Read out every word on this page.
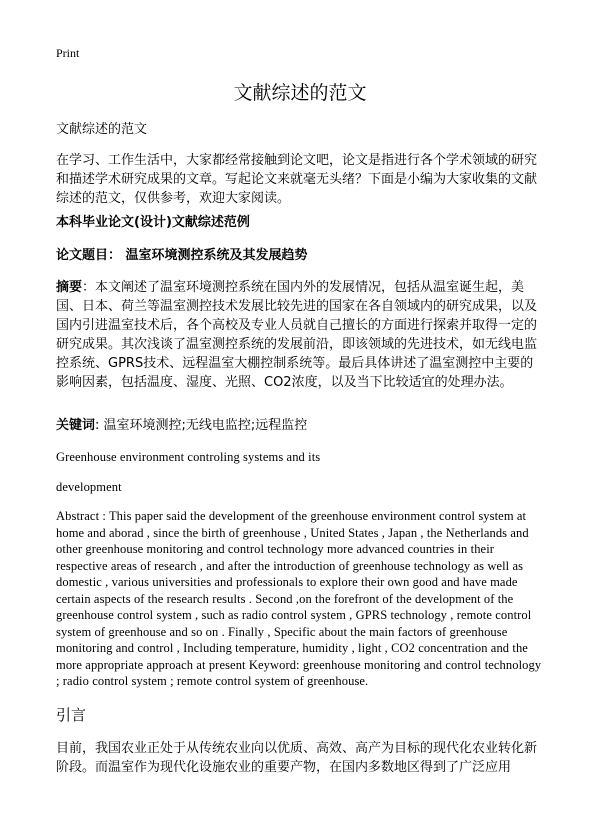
Print
文献综述的范文
文献综述的范文
在学习、工作生活中，大家都经常接触到论文吧，论文是指进行各个学术领域的研究和描述学术研究成果的文章。写起论文来就毫无头绪？下面是小编为大家收集的文献综述的范文，仅供参考，欢迎大家阅读。
本科毕业论文(设计)文献综述范例
论文题目： 温室环境测控系统及其发展趋势
摘要：本文阐述了温室环境测控系统在国内外的发展情况，包括从温室诞生起，美国、日本、荷兰等温室测控技术发展比较先进的国家在各自领域内的研究成果，以及国内引进温室技术后，各个高校及专业人员就自己擅长的方面进行探索并取得一定的研究成果。其次浅谈了温室测控系统的发展前沿，即该领域的先进技术，如无线电监控系统、GPRS技术、远程温室大棚控制系统等。最后具体讲述了温室测控中主要的影响因素，包括温度、湿度、光照、CO2浓度，以及当下比较适宜的处理办法。
关键词: 温室环境测控;无线电监控;远程监控
Greenhouse environment controling systems and its
development
Abstract : This paper said the development of the greenhouse environment control system at home and aborad , since the birth of greenhouse , United States , Japan , the Netherlands and other greenhouse monitoring and control technology more advanced countries in their respective areas of research , and after the introduction of greenhouse technology as well as domestic , various universities and professionals to explore their own good and have made certain aspects of the research results . Second ,on the forefront of the development of the greenhouse control system , such as radio control system , GPRS technology , remote control system of greenhouse and so on . Finally , Specific about the main factors of greenhouse monitoring and control , Including temperature, humidity , light , CO2 concentration and the more appropriate approach at present Keyword: greenhouse monitoring and control technology ; radio control system ; remote control system of greenhouse.
引言
目前，我国农业正处于从传统农业向以优质、高效、高产为目标的现代化农业转化新阶段。而温室作为现代化设施农业的重要产物，在国内多数地区得到了广泛应用
